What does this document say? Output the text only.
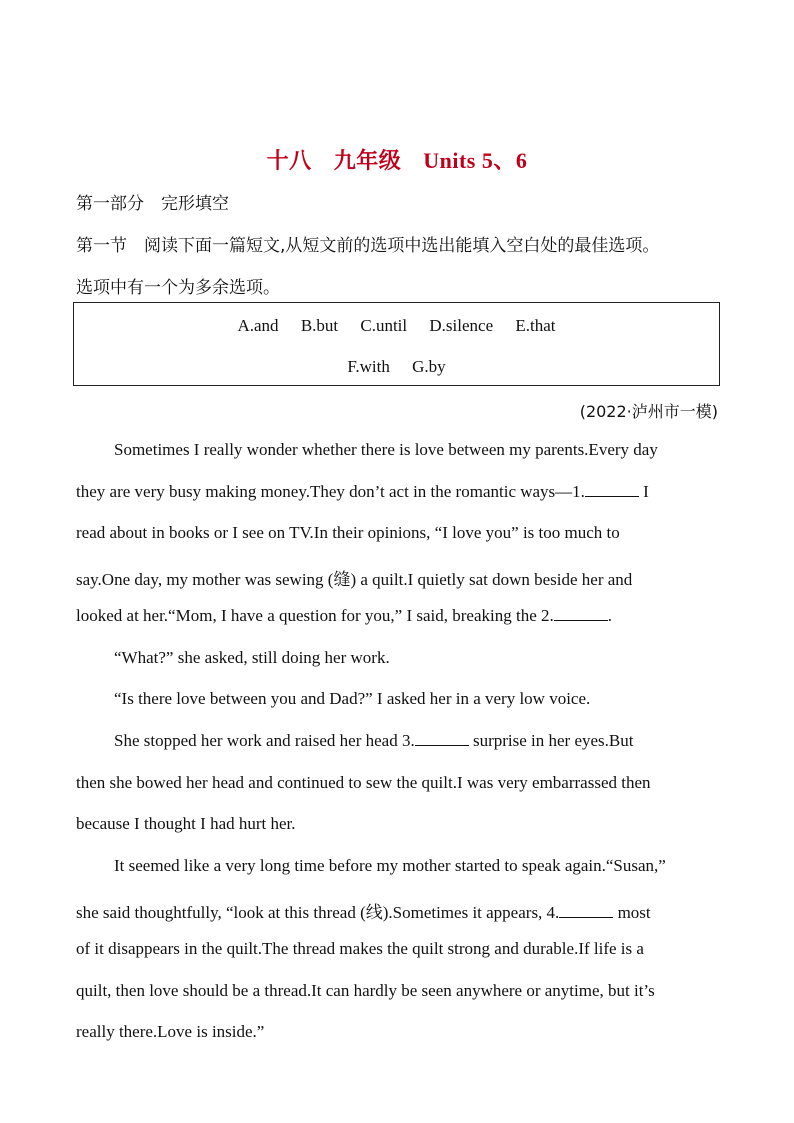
十八 九年级 Units 5、6
第一部分　完形填空
第一节　阅读下面一篇短文,从短文前的选项中选出能填入空白处的最佳选项。
选项中有一个为多余选项。
A.and B.but C.until D.silence E.that
F.with G.by
(2022·泸州市一模)
Sometimes I really wonder whether there is love between my parents.Every day
they are very busy making money.They don’t act in the romantic ways—1.	I
read about in books or I see on TV.In their opinions, “I love you” is too much to
say.One day, my mother was sewing (缝) a quilt.I quietly sat down beside her and
looked at her.“Mom, I have a question for you,” I said, breaking the 2.	.
“What?” she asked, still doing her work.
“Is there love between you and Dad?” I asked her in a very low voice.
She stopped her work and raised her head 3.	surprise in her eyes.But
then she bowed her head and continued to sew the quilt.I was very embarrassed then
because I thought I had hurt her.
It seemed like a very long time before my mother started to speak again.“Susan,”
she said thoughtfully, “look at this thread (线).Sometimes it appears, 4.	most
of it disappears in the quilt.The thread makes the quilt strong and durable.If life is a
quilt, then love should be a thread.It can hardly be seen anywhere or anytime, but it’s
really there.Love is inside.”
